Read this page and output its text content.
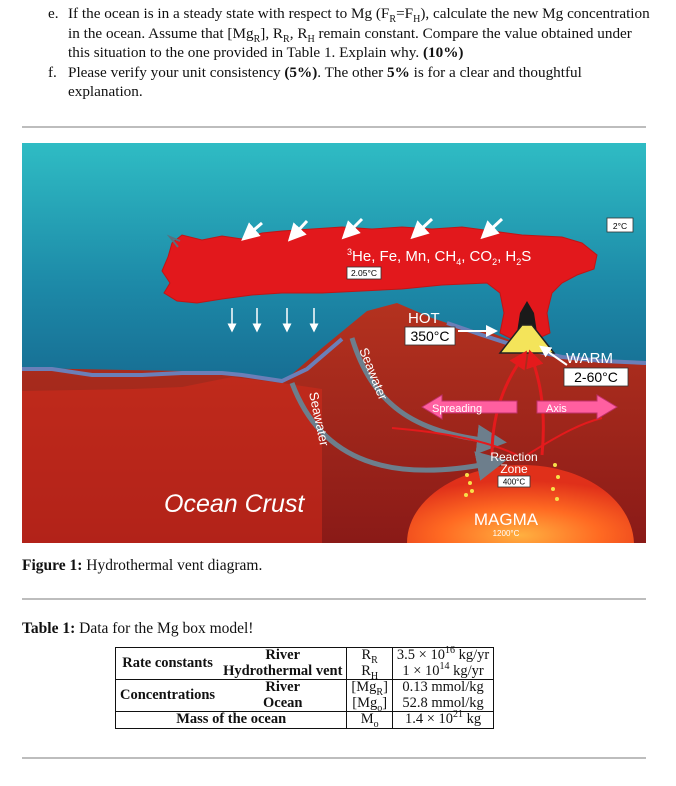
e. If the ocean is in a steady state with respect to Mg $(F_R=F_H)$, calculate the new Mg concentration in the ocean. Assume that $[Mg_R]$, $R_R$, $R_H$ remain constant. Compare the value obtained under this situation to the one provided in Table 1. Explain why. (10%)
f. Please verify your unit consistency (5%). The other 5% is for a clear and thoughtful explanation.
2°C
$^3$He, Fe, Mn, $CH_4$, $CO_2$, $H_2S$
2.05°C
HOT
350°C
WARM
2-60°C
Seawater
Seawater	Spreading	Axis
Reaction
Zone
400°C
MAGMA
1200°C
Ocean Crust
Figure 1: Hydrothermal vent diagram.
Table 1: Data for the Mg box model!
Rate constants	River	$R_R$	$3.5 \times 10^{16}$ kg/yr
	Hydrothermal vent	$R_H$	$1 \times 10^{14}$ kg/yr
Concentrations	River	$[Mg_R]$	0.13 mmol/kg
	Ocean	$[Mg_o]$	52.8 mmol/kg
Mass of the ocean		$M_o$	$1.4 \times 10^{21}$ kg
